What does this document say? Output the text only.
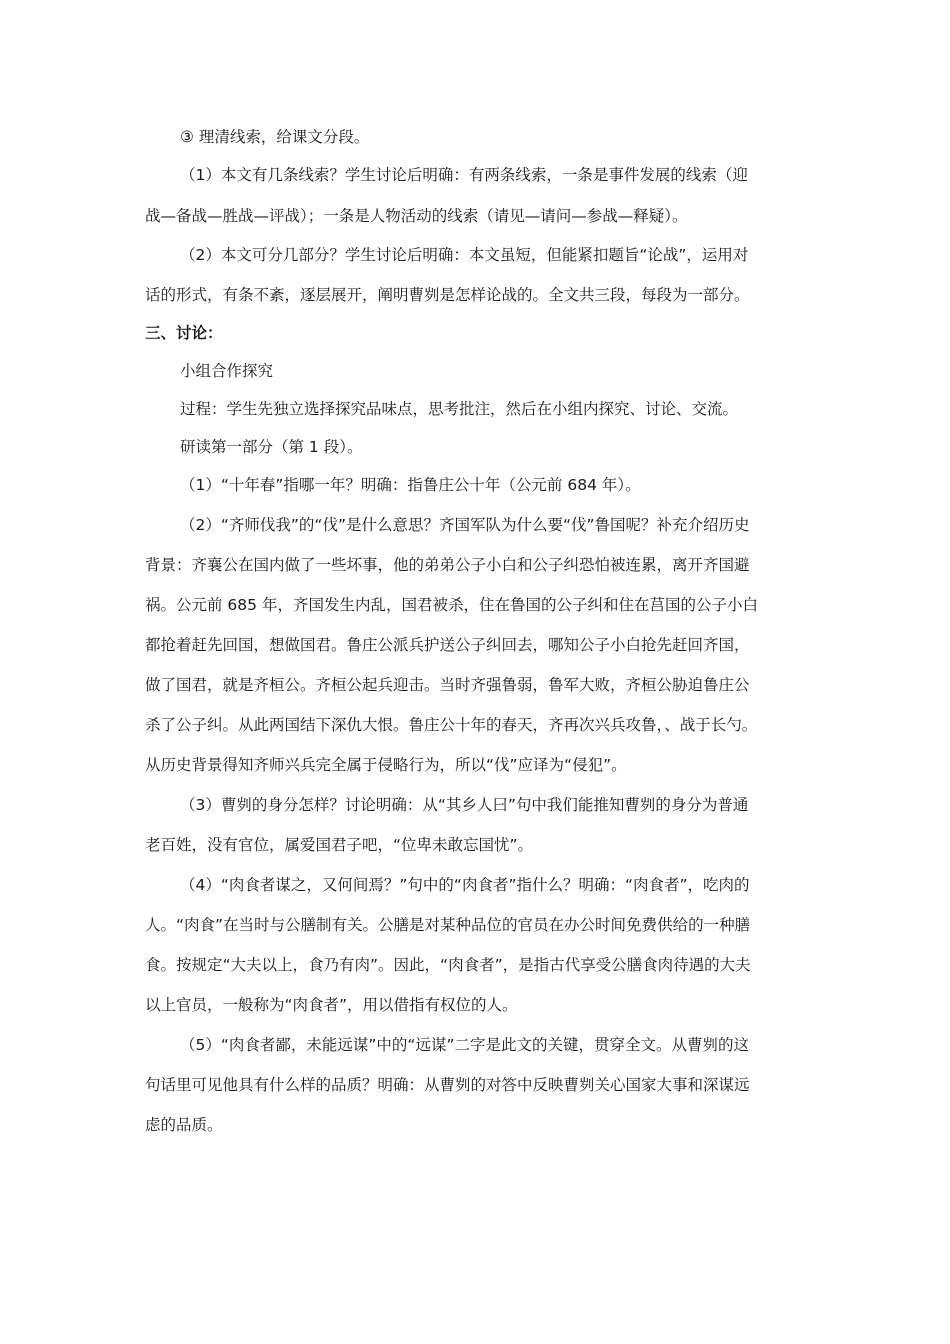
③ 理清线索，给课文分段。

（1）本文有几条线索？学生讨论后明确：有两条线索，一条是事件发展的线索（迎

战—备战—胜战—评战）；一条是人物活动的线索（请见—请问—参战—释疑）。

（2）本文可分几部分？学生讨论后明确：本文虽短，但能紧扣题旨“论战”，运用对

话的形式，有条不紊，逐层展开，阐明曹刿是怎样论战的。全文共三段，每段为一部分。

三、讨论：

小组合作探究

过程：学生先独立选择探究品味点，思考批注，然后在小组内探究、讨论、交流。

研读第一部分（第 1 段）。

（1）“十年春”指哪一年？明确：指鲁庄公十年（公元前 684 年）。

（2）“齐师伐我”的“伐”是什么意思？齐国军队为什么要“伐”鲁国呢？补充介绍历史

背景：齐襄公在国内做了一些坏事，他的弟弟公子小白和公子纠恐怕被连累，离开齐国避

祸。公元前 685 年，齐国发生内乱，国君被杀，住在鲁国的公子纠和住在莒国的公子小白

都抢着赶先回国，想做国君。鲁庄公派兵护送公子纠回去，哪知公子小白抢先赶回齐国，

做了国君，就是齐桓公。齐桓公起兵迎击。当时齐强鲁弱，鲁军大败，齐桓公胁迫鲁庄公

杀了公子纠。从此两国结下深仇大恨。鲁庄公十年的春天，齐再次兴兵攻鲁，、战于长勺。

从历史背景得知齐师兴兵完全属于侵略行为，所以“伐”应译为“侵犯”。

（3）曹刿的身分怎样？讨论明确：从“其乡人曰”句中我们能推知曹刿的身分为普通

老百姓，没有官位，属爱国君子吧，“位卑未敢忘国忧”。

（4）“肉食者谋之，又何间焉？”句中的“肉食者”指什么？明确：“肉食者”，吃肉的

人。“肉食”在当时与公膳制有关。公膳是对某种品位的官员在办公时间免费供给的一种膳

食。按规定“大夫以上，食乃有肉”。因此，“肉食者”，是指古代享受公膳食肉待遇的大夫

以上官员，一般称为“肉食者”，用以借指有权位的人。

（5）“肉食者鄙，未能远谋”中的“远谋”二字是此文的关键，贯穿全文。从曹刿的这

句话里可见他具有什么样的品质？明确：从曹刿的对答中反映曹刿关心国家大事和深谋远

虑的品质。
